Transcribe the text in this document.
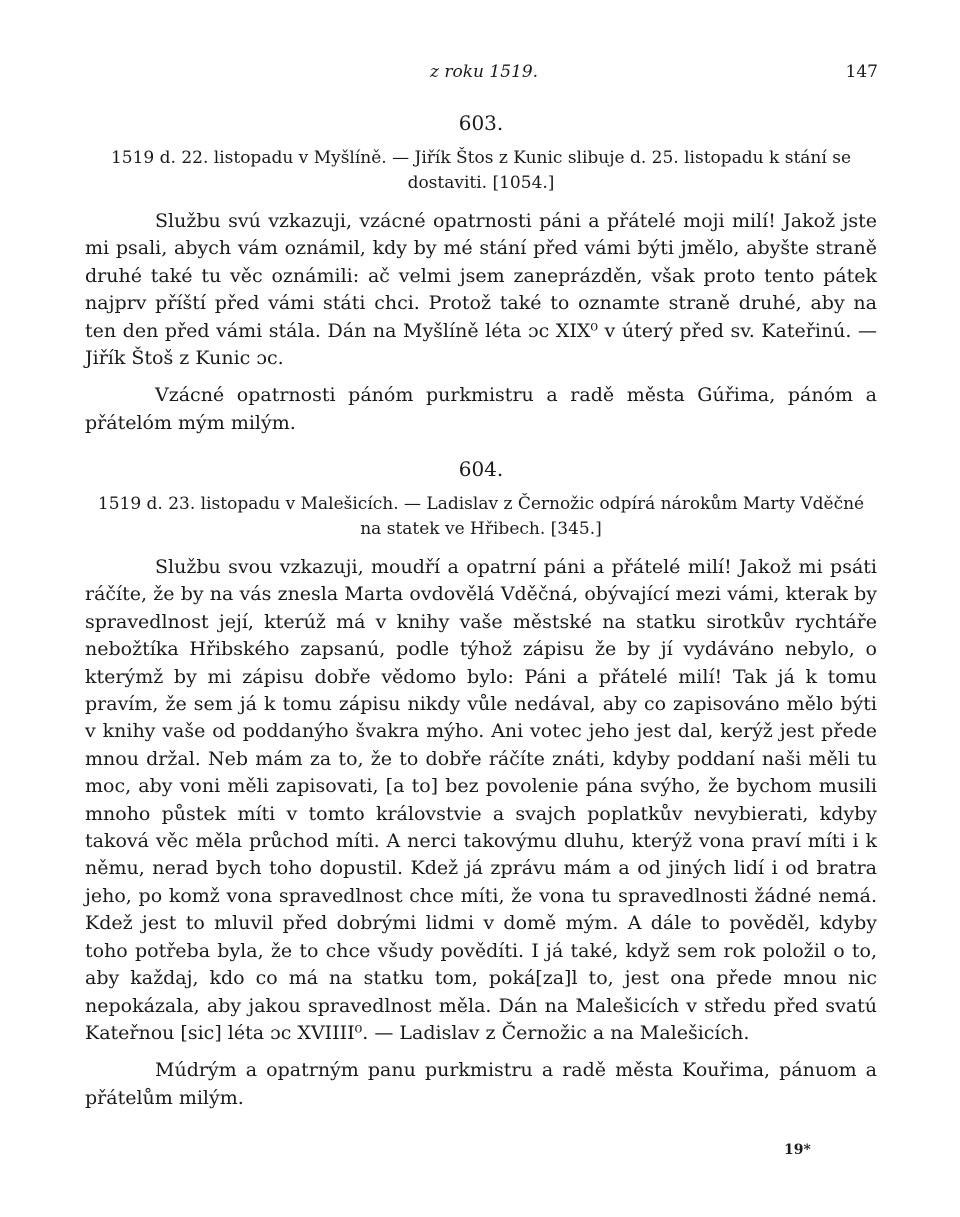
z roku 1519.	147
603.
1519 d. 22. listopadu v Myšlíně. — Jiřík Štos z Kunic slibuje d. 25. listopadu k stání se dostaviti. [1054.]

Službu svú vzkazuji, vzácné opatrnosti páni a přátelé moji milí! Jakož jste mi psali, abych vám oznámil, kdy by mé stání před vámi býti jmělo, abyšte straně druhé také tu věc oznámili: ač velmi jsem zaneprázděn, však proto tento pátek najprv příští před vámi státi chci. Protož také to oznamte straně druhé, aby na ten den před vámi stála. Dán na Myšlíně léta ɔc XIX⁰ v úterý před sv. Kateřinú. — Jiřík Štoš z Kunic ɔc.

Vzácné opatrnosti pánóm purkmistru a radě města Gúřima, pánóm a přátelóm mým milým.

604.
1519 d. 23. listopadu v Malešicích. — Ladislav z Černožic odpírá nárokům Marty Vděčné na statek ve Hřibech. [345.]

Službu svou vzkazuji, moudří a opatrní páni a přátelé milí! Jakož mi psáti ráčíte, že by na vás znesla Marta ovdovělá Vděčná, obývající mezi vámi, kterak by spravedlnost její, kterúž má v knihy vaše městské na statku sirotkův rychtáře nebožtíka Hřibského zapsanú, podle týhož zápisu že by jí vydáváno nebylo, o kterýmž by mi zápisu dobře vědomo bylo: Páni a přátelé milí! Tak já k tomu pravím, že sem já k tomu zápisu nikdy vůle nedával, aby co zapisováno mělo býti v knihy vaše od poddanýho švakra mýho. Ani votec jeho jest dal, kerýž jest přede mnou držal. Neb mám za to, že to dobře ráčíte znáti, kdyby poddaní naši měli tu moc, aby voni měli zapisovati, [a to] bez povolenie pána svýho, že bychom musili mnoho půstek míti v tomto královstvie a svajch poplatkův nevybierati, kdyby taková věc měla průchod míti. A nerci takovýmu dluhu, kterýž vona praví míti i k němu, nerad bych toho dopustil. Kdež já zprávu mám a od jiných lidí i od bratra jeho, po komž vona spravedlnost chce míti, že vona tu spravedlnosti žádné nemá. Kdež jest to mluvil před dobrými lidmi v domě mým. A dále to pověděl, kdyby toho potřeba byla, že to chce všudy povědíti. I já také, když sem rok položil o to, aby každaj, kdo co má na statku tom, poká[za]l to, jest ona přede mnou nic nepokázala, aby jakou spravedlnost měla. Dán na Malešicích v středu před svatú Kateřnou [sic] léta ɔc XVIIII⁰. — Ladislav z Černožic a na Malešicích.

Múdrým a opatrným panu purkmistru a radě města Kouřima, pánuom a přátelům milým.

19*
